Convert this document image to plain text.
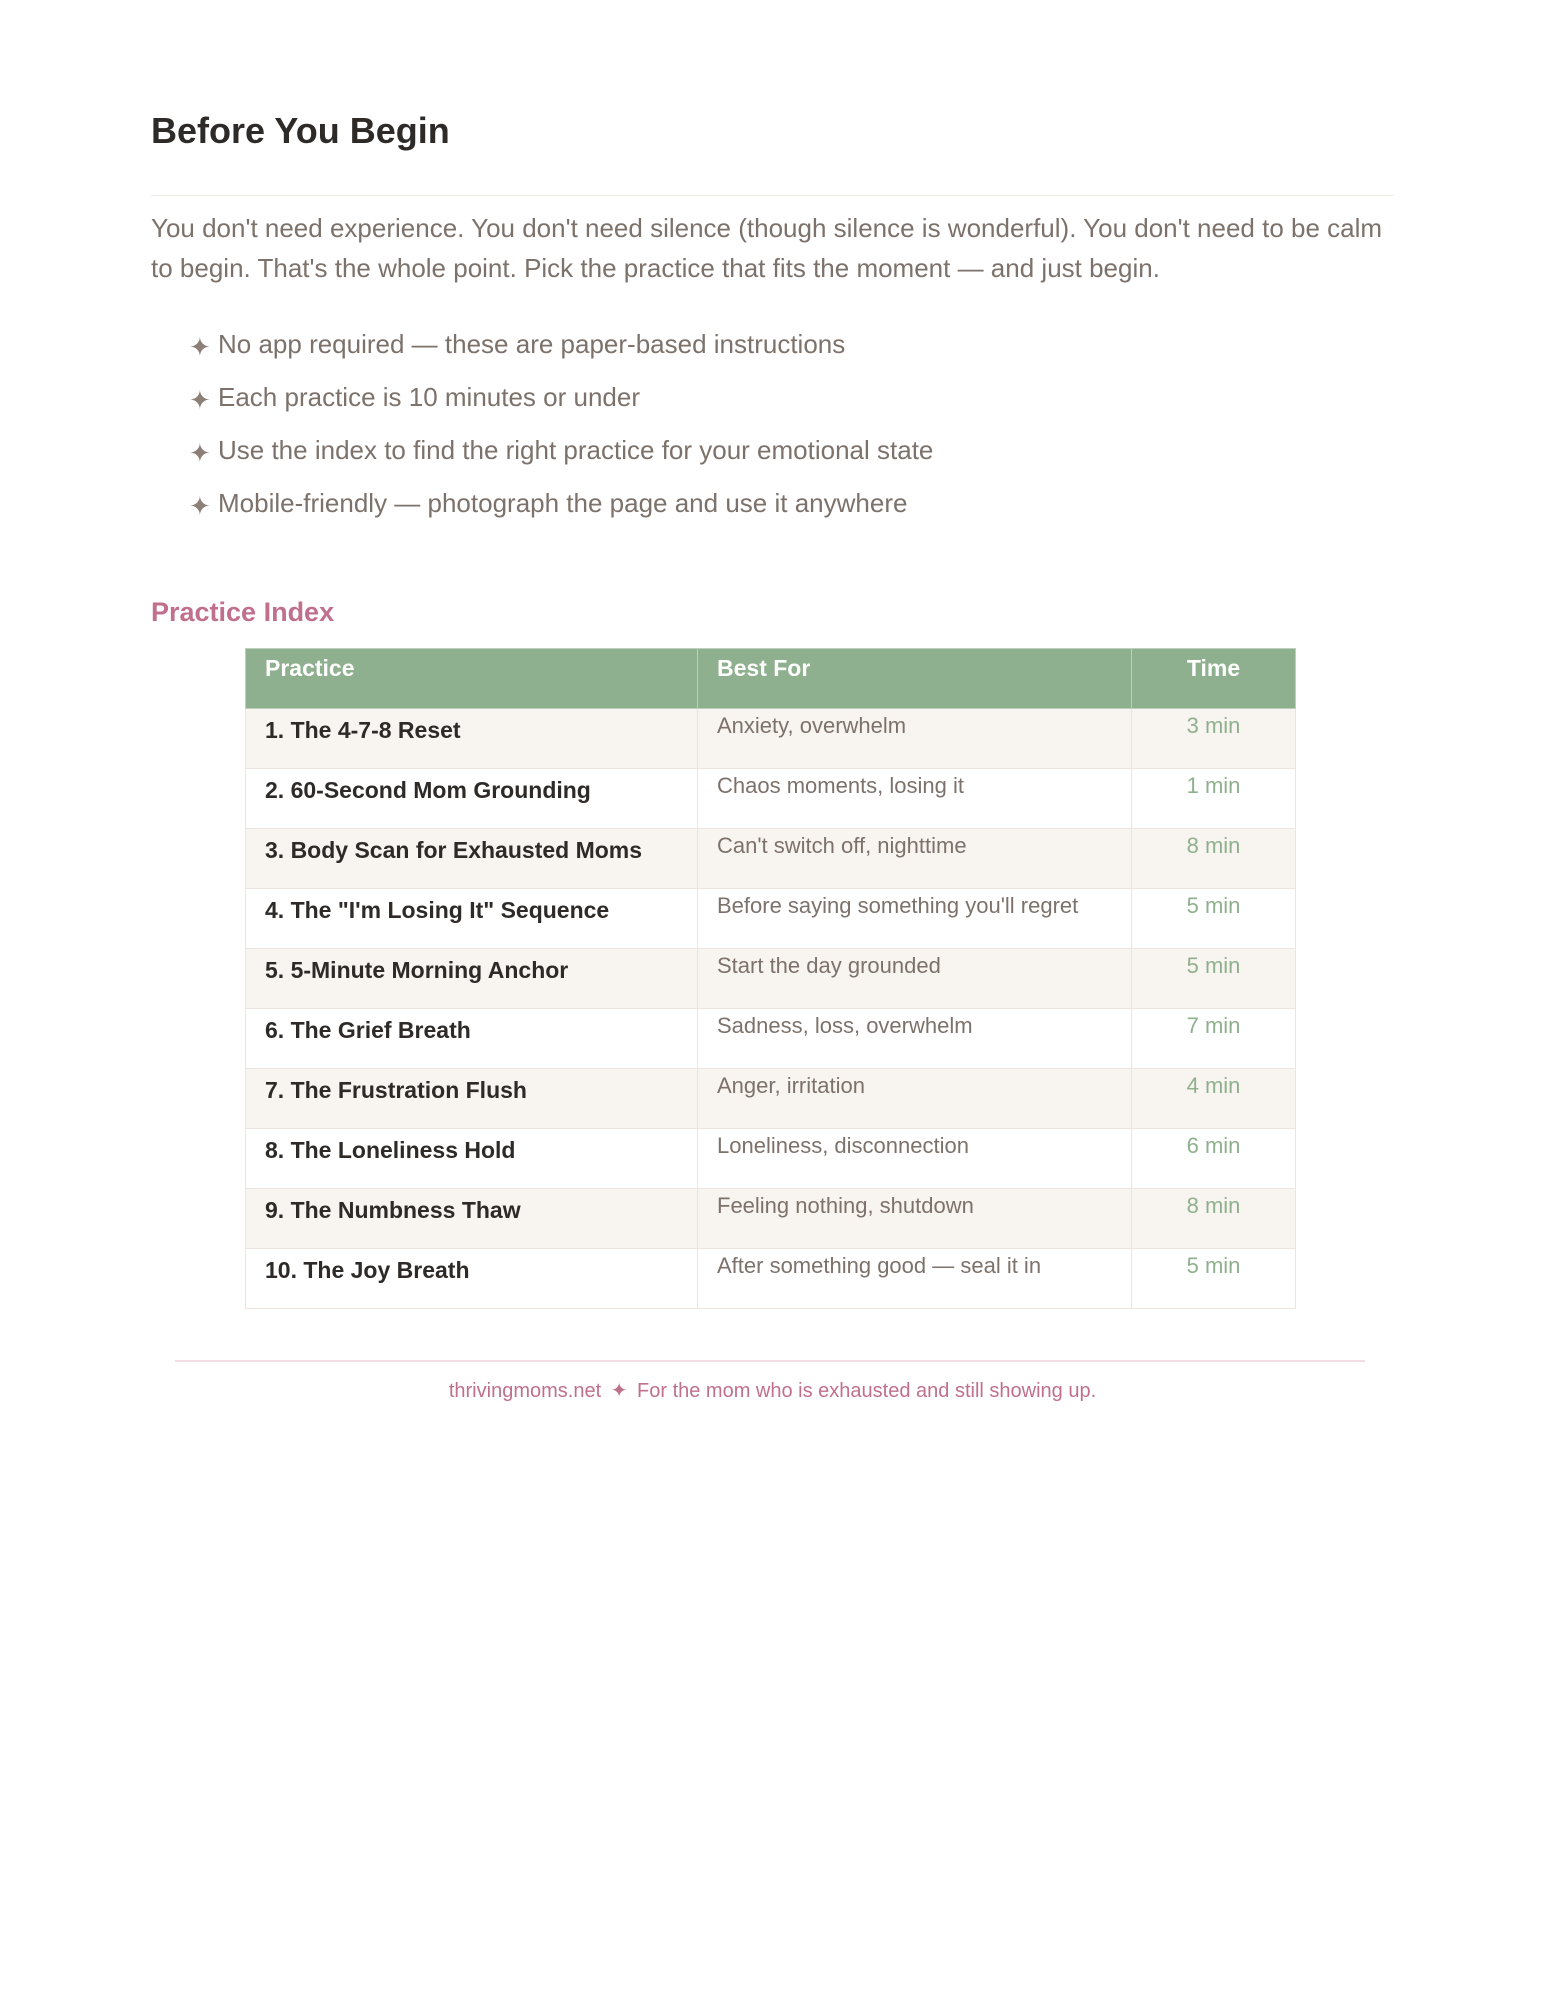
Before You Begin

You don't need experience. You don't need silence (though silence is wonderful). You don't need to be calm to begin. That's the whole point. Pick the practice that fits the moment — and just begin.

✦ No app required — these are paper-based instructions
✦ Each practice is 10 minutes or under
✦ Use the index to find the right practice for your emotional state
✦ Mobile-friendly — photograph the page and use it anywhere
Practice Index
Practice	Best For	Time
1. The 4-7-8 Reset	Anxiety, overwhelm	3 min
2. 60-Second Mom Grounding	Chaos moments, losing it	1 min
3. Body Scan for Exhausted Moms	Can't switch off, nighttime	8 min
4. The "I'm Losing It" Sequence	Before saying something you'll regret	5 min
5. 5-Minute Morning Anchor	Start the day grounded	5 min
6. The Grief Breath	Sadness, loss, overwhelm	7 min
7. The Frustration Flush	Anger, irritation	4 min
8. The Loneliness Hold	Loneliness, disconnection	6 min
9. The Numbness Thaw	Feeling nothing, shutdown	8 min
10. The Joy Breath	After something good — seal it in	5 min
thrivingmoms.net ✦ For the mom who is exhausted and still showing up.
